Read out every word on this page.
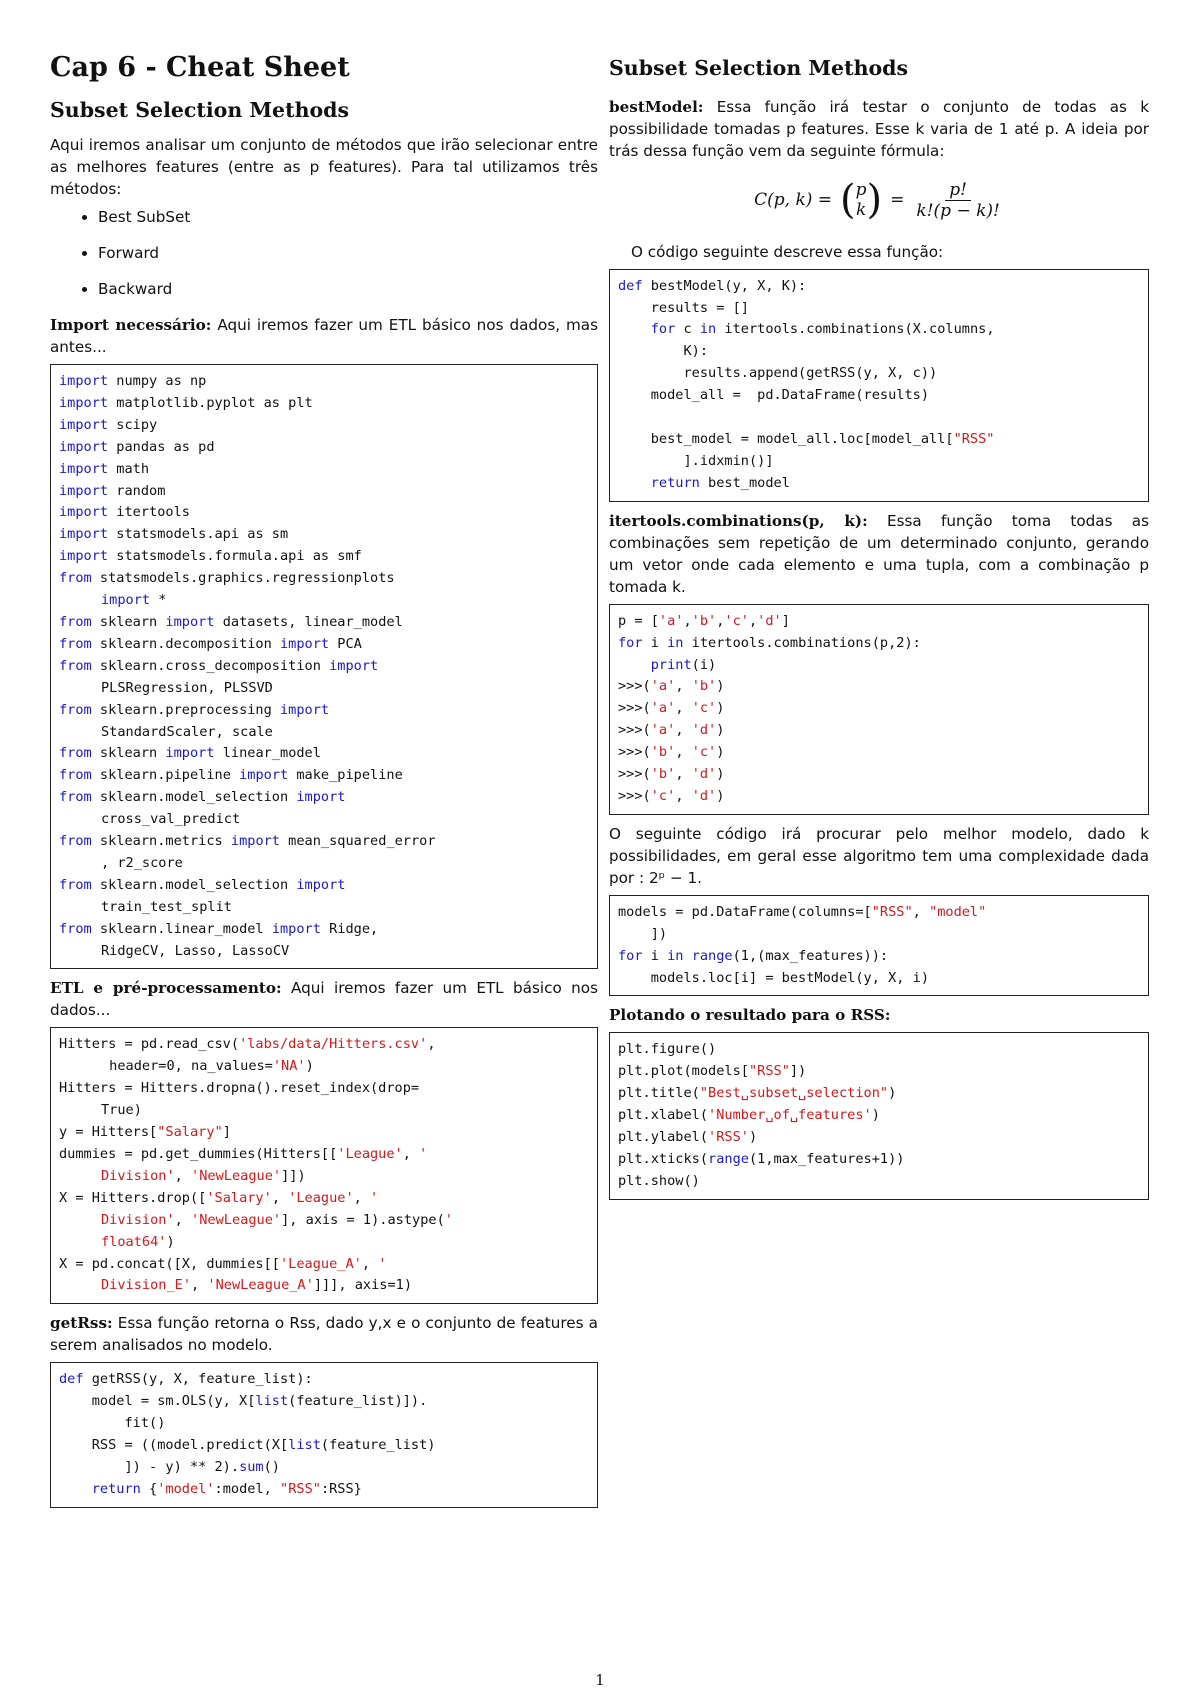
Cap 6 - Cheat Sheet
Subset Selection Methods

Aqui iremos analisar um conjunto de métodos que irão selecionar entre as melhores features (entre as p features). Para tal utilizamos três métodos:

• Best SubSet
• Forward
• Backward

Import necessário: Aqui iremos fazer um ETL básico nos dados, mas antes...

import numpy as np
import matplotlib.pyplot as plt
import scipy
import pandas as pd
import math
import random
import itertools
import statsmodels.api as sm
import statsmodels.formula.api as smf
from statsmodels.graphics.regressionplots
import *
from sklearn import datasets, linear_model
from sklearn.decomposition import PCA
from sklearn.cross_decomposition import
PLSRegression, PLSSVD
from sklearn.preprocessing import
StandardScaler, scale
from sklearn import linear_model
from sklearn.pipeline import make_pipeline
from sklearn.model_selection import
cross_val_predict
from sklearn.metrics import mean_squared_error
, r2_score
from sklearn.model_selection import
train_test_split
from sklearn.linear_model import Ridge,
RidgeCV, Lasso, LassoCV

ETL e pré-processamento: Aqui iremos fazer um ETL básico nos dados...

Hitters = pd.read_csv('labs/data/Hitters.csv',
header=0, na_values='NA')
Hitters = Hitters.dropna().reset_index(drop=
True)
y = Hitters["Salary"]
dummies = pd.get_dummies(Hitters[['League', '
Division', 'NewLeague']])
X = Hitters.drop(['Salary', 'League', '
Division', 'NewLeague'], axis = 1).astype('
float64')
X = pd.concat([X, dummies[['League_A', '
Division_E', 'NewLeague_A']]], axis=1)

getRss: Essa função retorna o Rss, dado y,x e o conjunto de features a serem analisados no modelo.

def getRSS(y, X, feature_list):
model = sm.OLS(y, X[list(feature_list)]).
fit()
RSS = ((model.predict(X[list(feature_list)
]) - y) ** 2).sum()
return {'model':model, "RSS":RSS}
Subset Selection Methods

bestModel: Essa função irá testar o conjunto de todas as k possibilidade tomadas p features. Esse k varia de 1 até p. A ideia por trás dessa função vem da seguinte fórmula:

C(p, k) = ( p
k ) = $\frac{p!}{k!(p - k)!}$

O código seguinte descreve essa função:

def bestModel(y, X, K):
results = []
for c in itertools.combinations(X.columns,
K):
results.append(getRSS(y, X, c))
model_all =  pd.DataFrame(results)

best_model = model_all.loc[model_all["RSS"
].idxmin()]
return best_model

itertools.combinations(p, k): Essa função toma todas as combinações sem repetição de um determinado conjunto, gerando um vetor onde cada elemento e uma tupla, com a combinação p tomada k.

p = ['a','b','c','d']
for i in itertools.combinations(p,2):
print(i)
>>>('a', 'b')
>>>('a', 'c')
>>>('a', 'd')
>>>('b', 'c')
>>>('b', 'd')
>>>('c', 'd')

O seguinte código irá procurar pelo melhor modelo, dado k possibilidades, em geral esse algoritmo tem uma complexidade dada por : 2ᵖ − 1.

models = pd.DataFrame(columns=["RSS", "model"
])
for i in range(1,(max_features)):
models.loc[i] = bestModel(y, X, i)

Plotando o resultado para o RSS:

plt.figure()
plt.plot(models["RSS"])
plt.title("Best␣subset␣selection")
plt.xlabel('Number␣of␣features')
plt.ylabel('RSS')
plt.xticks(range(1,max_features+1))
plt.show()
1
